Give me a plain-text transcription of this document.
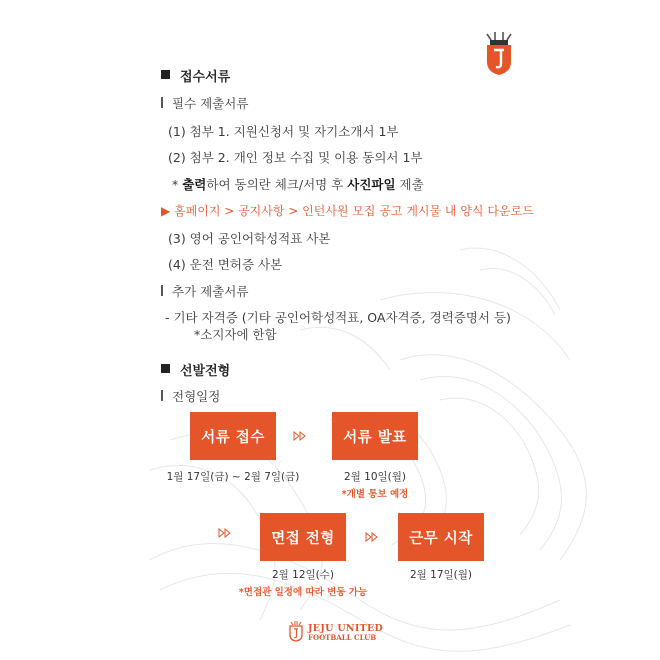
접수서류
필수 제출서류
(1) 첨부 1. 지원신청서 및 자기소개서 1부
(2) 첨부 2. 개인 정보 수집 및 이용 동의서 1부
* 출력하여 동의란 체크/서명 후 사진파일 제출
▶ 홈페이지 > 공지사항 > 인턴사원 모집 공고 게시물 내 양식 다운로드
(3) 영어 공인어학성적표 사본
(4) 운전 면허증 사본
추가 제출서류
- 기타 자격증 (기타 공인어학성적표, OA자격증, 경력증명서 등)
*소지자에 한함
선발전형
전형일정
서류 접수	서류 발표
1월 17일(금) ~ 2월 7일(금)	2월 10일(월)
*개별 통보 예정
면접 전형	근무 시작
2월 12일(수)
*면접관 일정에 따라 변동 가능
2월 17일(월)
JEJU UNITED
FOOTBALL CLUB
